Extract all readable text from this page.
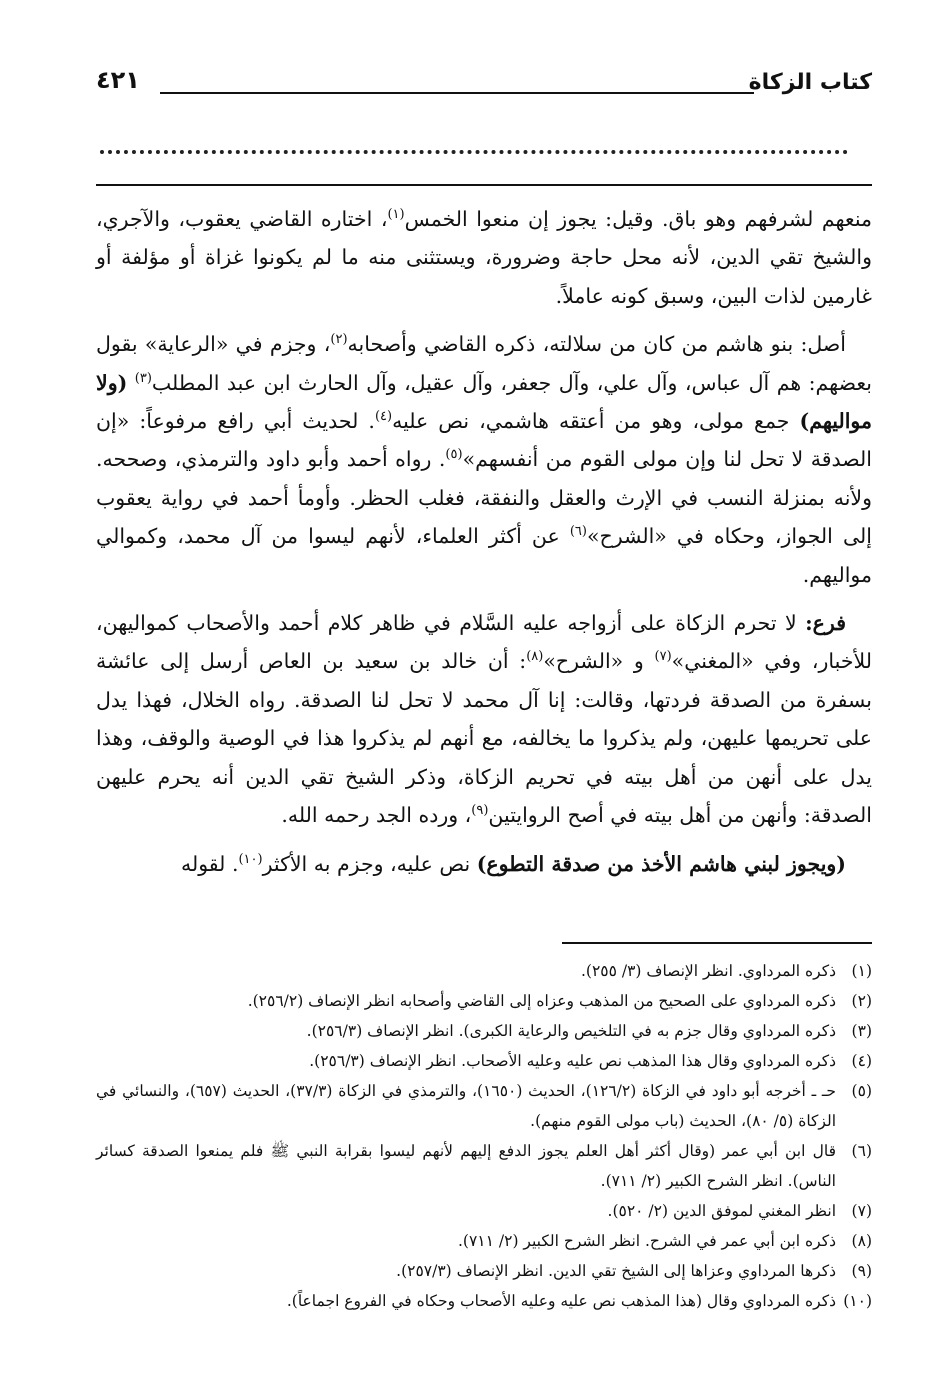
كتاب الزكاة
٤٢١

منعهم لشرفهم وهو باق. وقيل: يجوز إن منعوا الخمس$^{(١)}$، اختاره القاضي يعقوب، والآجري، والشيخ تقي الدين، لأنه محل حاجة وضرورة، ويستثنى منه ما لم يكونوا غزاة أو مؤلفة أو غارمين لذات البين، وسبق كونه عاملاً.

أصل: بنو هاشم من كان من سلالته، ذكره القاضي وأصحابه$^{(٢)}$، وجزم في «الرعاية» بقول بعضهم: هم آل عباس، وآل علي، وآل جعفر، وآل عقيل، وآل الحارث ابن عبد المطلب$^{(٣)}$ (ولا مواليهم) جمع مولى، وهو من أعتقه هاشمي، نص عليه$^{(٤)}$. لحديث أبي رافع مرفوعاً: «إن الصدقة لا تحل لنا وإن مولى القوم من أنفسهم»$^{(٥)}$. رواه أحمد وأبو داود والترمذي، وصححه. ولأنه بمنزلة النسب في الإرث والعقل والنفقة، فغلب الحظر. وأومأ أحمد في رواية يعقوب إلى الجواز، وحكاه في «الشرح»$^{(٦)}$ عن أكثر العلماء، لأنهم ليسوا من آل محمد، وكموالي مواليهم.

فرع: لا تحرم الزكاة على أزواجه عليه السَّلام في ظاهر كلام أحمد والأصحاب كمواليهن، للأخبار، وفي «المغني»$^{(٧)}$ و «الشرح»$^{(٨)}$: أن خالد بن سعيد بن العاص أرسل إلى عائشة بسفرة من الصدقة فردتها، وقالت: إنا آل محمد لا تحل لنا الصدقة. رواه الخلال، فهذا يدل على تحريمها عليهن، ولم يذكروا ما يخالفه، مع أنهم لم يذكروا هذا في الوصية والوقف، وهذا يدل على أنهن من أهل بيته في تحريم الزكاة، وذكر الشيخ تقي الدين أنه يحرم عليهن الصدقة: وأنهن من أهل بيته في أصح الروايتين$^{(٩)}$، ورده الجد رحمه الله.

(ويجوز لبني هاشم الأخذ من صدقة التطوع) نص عليه، وجزم به الأكثر$^{(١٠)}$. لقوله

(١)
ذكره المرداوي. انظر الإنصاف (٣/ ٢٥٥).
(٢)
ذكره المرداوي على الصحيح من المذهب وعزاه إلى القاضي وأصحابه انظر الإنصاف (٢٥٦/٢).
(٣)
ذكره المرداوي وقال جزم به في التلخيص والرعاية الكبرى). انظر الإنصاف (٢٥٦/٣).
(٤)
ذكره المرداوي وقال هذا المذهب نص عليه وعليه الأصحاب. انظر الإنصاف (٢٥٦/٣).
(٥)
حـ ـ أخرجه أبو داود في الزكاة (١٢٦/٢)، الحديث (١٦٥٠)، والترمذي في الزكاة (٣٧/٣)، الحديث (٦٥٧)، والنسائي في الزكاة (٥/ ٨٠)، الحديث (باب مولى القوم منهم).
(٦)
قال ابن أبي عمر (وقال أكثر أهل العلم يجوز الدفع إليهم لأنهم ليسوا بقرابة النبي ﷺ فلم يمنعوا الصدقة كسائر الناس). انظر الشرح الكبير (٢/ ٧١١).
(٧)
انظر المغني لموفق الدين (٢/ ٥٢٠).
(٨)
ذكره ابن أبي عمر في الشرح. انظر الشرح الكبير (٢/ ٧١١).
(٩)
ذكرها المرداوي وعزاها إلى الشيخ تقي الدين. انظر الإنصاف (٢٥٧/٣).
(١٠)
ذكره المرداوي وقال (هذا المذهب نص عليه وعليه الأصحاب وحكاه في الفروع اجماعاً).
